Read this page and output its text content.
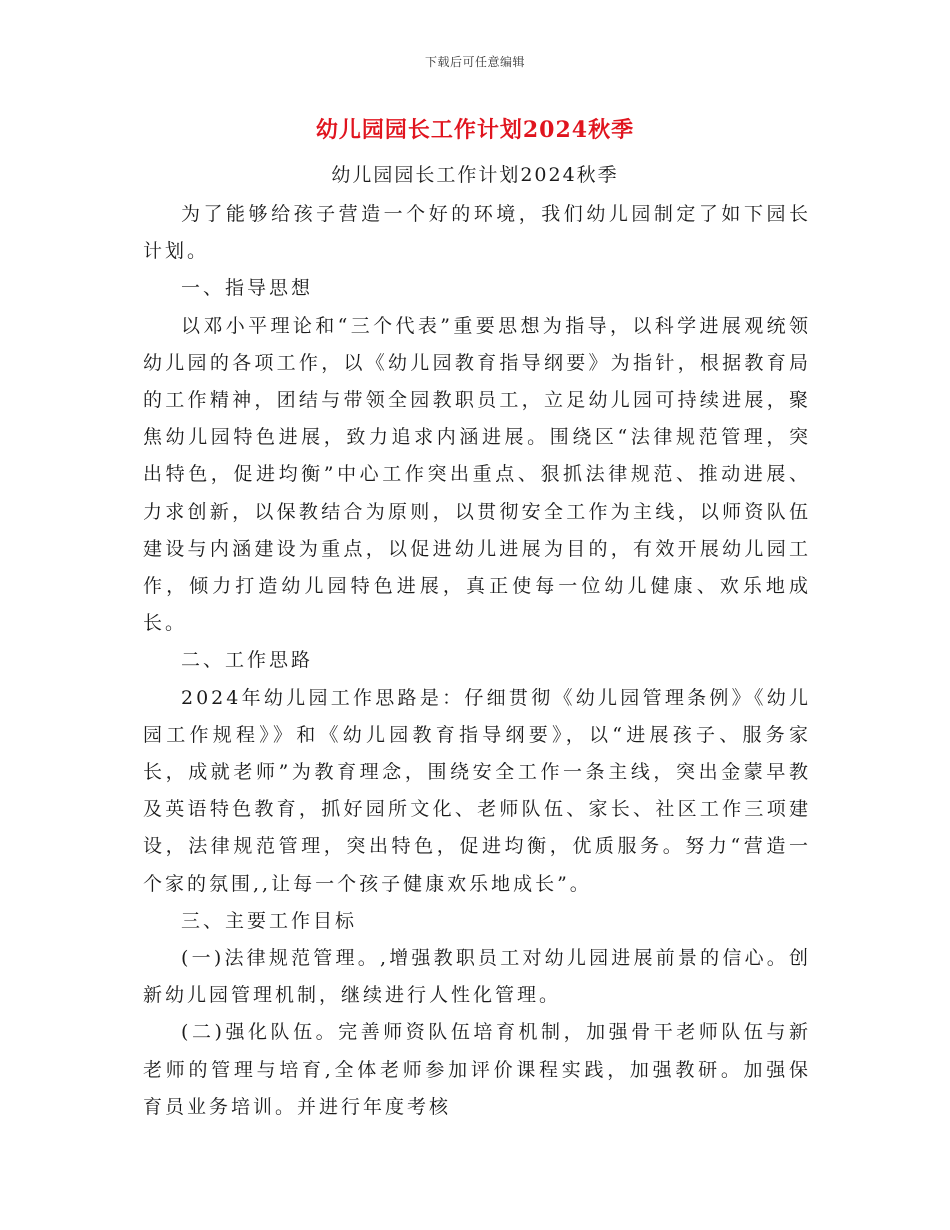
下载后可任意编辑
幼儿园园长工作计划2024秋季
幼儿园园长工作计划2024秋季

为了能够给孩子营造一个好的环境，我们幼儿园制定了如下园长计划。

一、指导思想

以邓小平理论和“三个代表”重要思想为指导，以科学进展观统领幼儿园的各项工作，以《幼儿园教育指导纲要》为指针，根据教育局的工作精神，团结与带领全园教职员工，立足幼儿园可持续进展，聚焦幼儿园特色进展，致力追求内涵进展。围绕区“法律规范管理，突出特色，促进均衡”中心工作突出重点、狠抓法律规范、推动进展、力求创新，以保教结合为原则，以贯彻安全工作为主线，以师资队伍建设与内涵建设为重点，以促进幼儿进展为目的，有效开展幼儿园工作，倾力打造幼儿园特色进展，真正使每一位幼儿健康、欢乐地成长。

二、工作思路

2024年幼儿园工作思路是：仔细贯彻《幼儿园管理条例》《幼儿园工作规程》》和《幼儿园教育指导纲要》，以“进展孩子、服务家长，成就老师”为教育理念，围绕安全工作一条主线，突出金蒙早教及英语特色教育，抓好园所文化、老师队伍、家长、社区工作三项建设，法律规范管理，突出特色，促进均衡，优质服务。努力“营造一个家的氛围,,让每一个孩子健康欢乐地成长”。

三、主要工作目标

(一)法律规范管理。,增强教职员工对幼儿园进展前景的信心。创新幼儿园管理机制，继续进行人性化管理。

(二)强化队伍。完善师资队伍培育机制，加强骨干老师队伍与新老师的管理与培育,全体老师参加评价课程实践，加强教研。加强保育员业务培训。并进行年度考核
